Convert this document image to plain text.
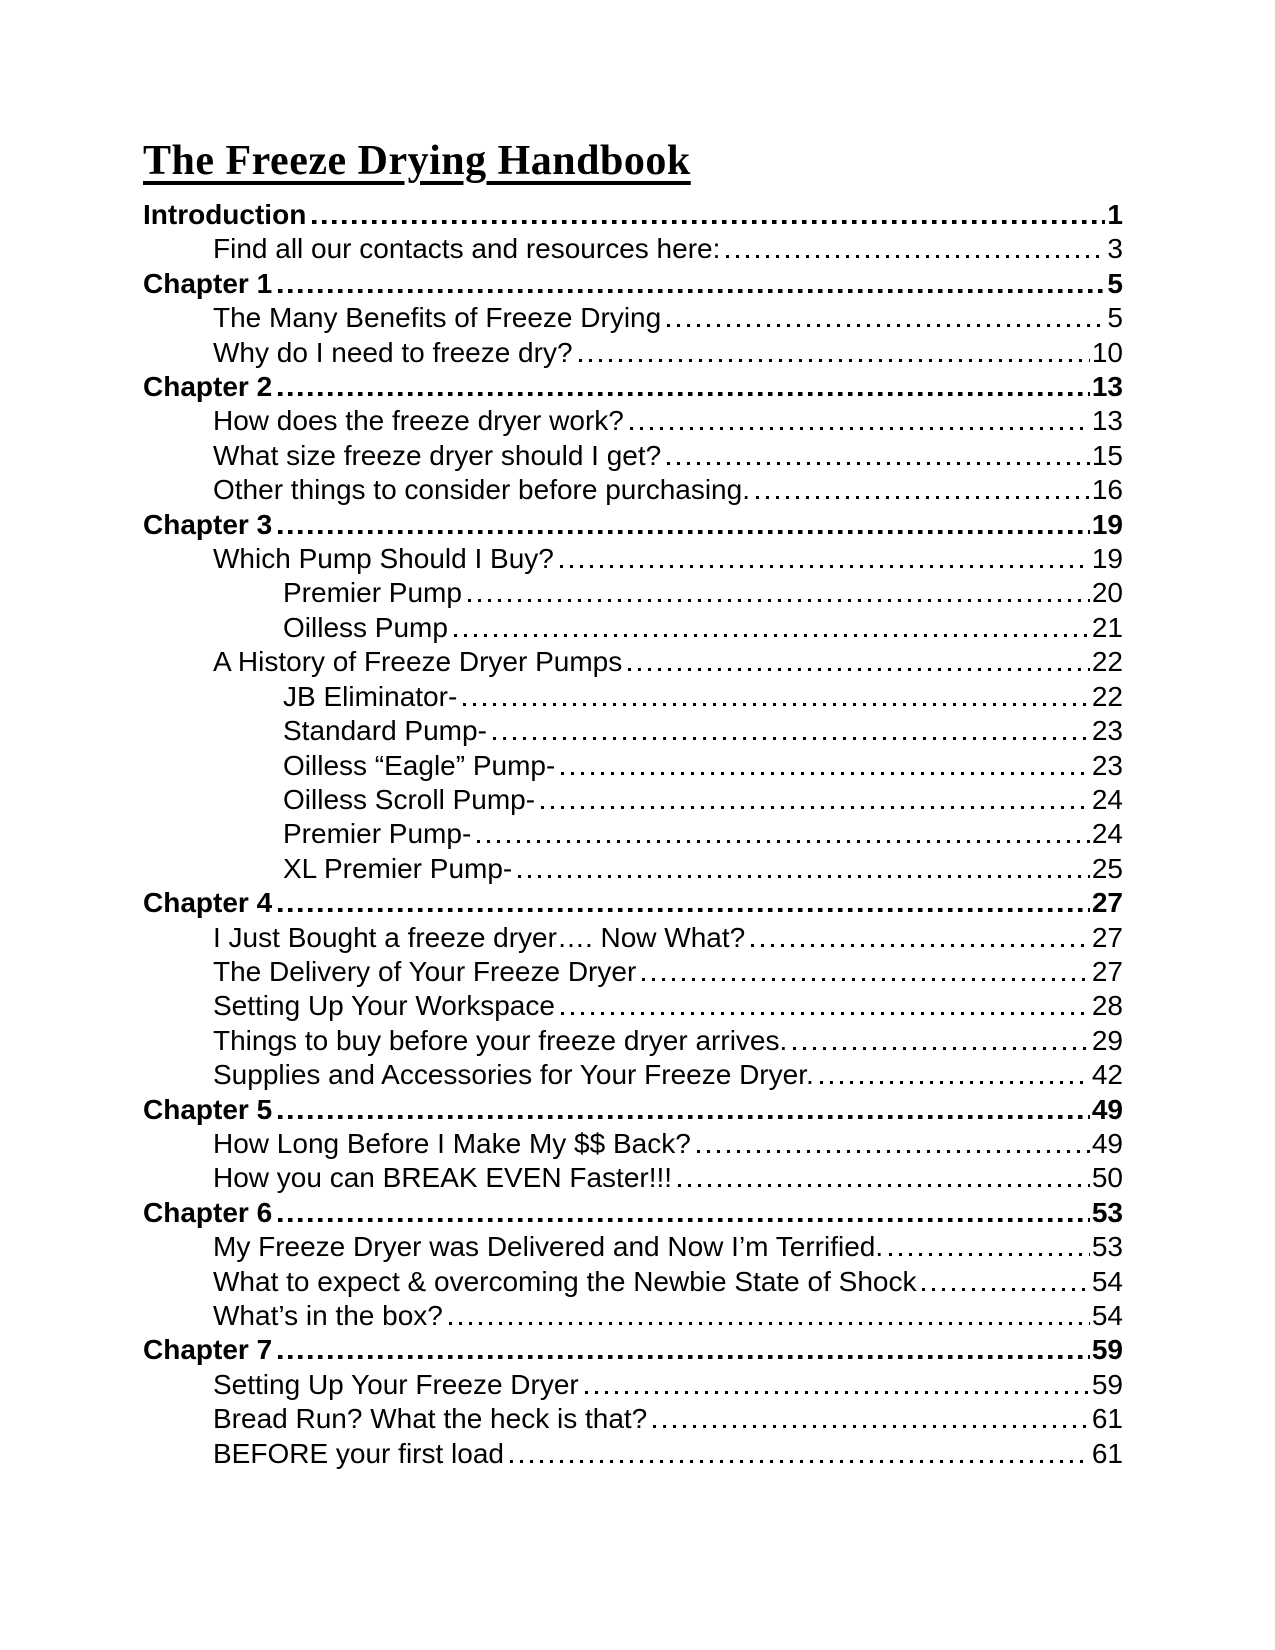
The Freeze Drying Handbook
Introduction	1
Find all our contacts and resources here:	3
Chapter 1	5
The Many Benefits of Freeze Drying	5
Why do I need to freeze dry?	10
Chapter 2	13
How does the freeze dryer work?	13
What size freeze dryer should I get?	15
Other things to consider before purchasing.	16
Chapter 3	19
Which Pump Should I Buy?	19
Premier Pump	20
Oilless Pump	21
A History of Freeze Dryer Pumps	22
JB Eliminator-	22
Standard Pump-	23
Oilless “Eagle” Pump-	23
Oilless Scroll Pump-	24
Premier Pump-	24
XL Premier Pump-	25
Chapter 4	27
I Just Bought a freeze dryer…. Now What?	27
The Delivery of Your Freeze Dryer	27
Setting Up Your Workspace	28
Things to buy before your freeze dryer arrives.	29
Supplies and Accessories for Your Freeze Dryer.	42
Chapter 5	49
How Long Before I Make My $$ Back?	49
How you can BREAK EVEN Faster!!!	50
Chapter 6	53
My Freeze Dryer was Delivered and Now I’m Terrified.	53
What to expect & overcoming the Newbie State of Shock	54
What’s in the box?	54
Chapter 7	59
Setting Up Your Freeze Dryer	59
Bread Run? What the heck is that?	61
BEFORE your first load	61
